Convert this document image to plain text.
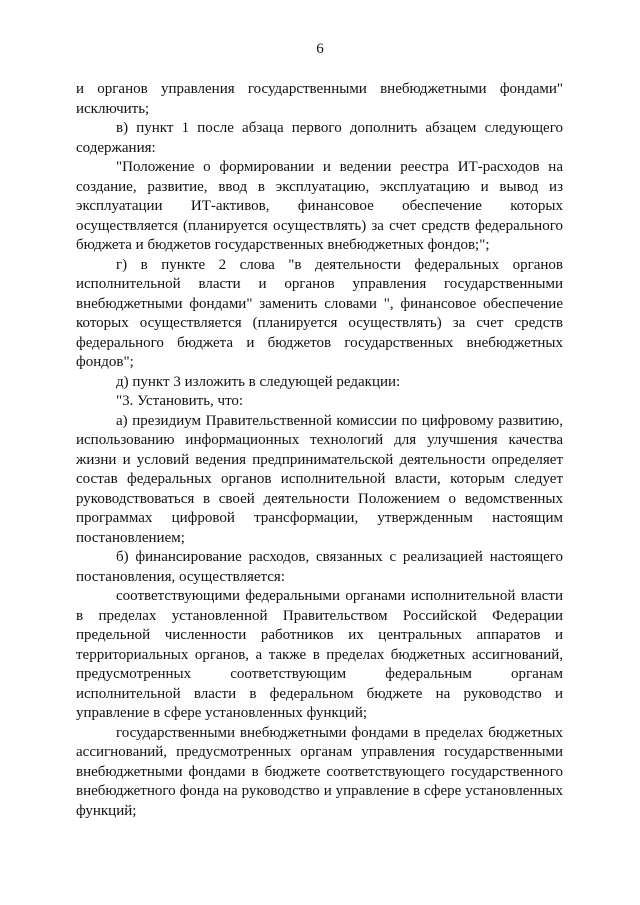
6

и органов управления государственными внебюджетными фондами" исключить;

в) пункт 1 после абзаца первого дополнить абзацем следующего содержания:

"Положение о формировании и ведении реестра ИТ-расходов на создание, развитие, ввод в эксплуатацию, эксплуатацию и вывод из эксплуатации ИТ-активов, финансовое обеспечение которых осуществляется (планируется осуществлять) за счет средств федерального бюджета и бюджетов государственных внебюджетных фондов;";

г) в пункте 2 слова "в деятельности федеральных органов исполнительной власти и органов управления государственными внебюджетными фондами" заменить словами ", финансовое обеспечение которых осуществляется (планируется осуществлять) за счет средств федерального бюджета и бюджетов государственных внебюджетных фондов";

д) пункт 3 изложить в следующей редакции:

"3. Установить, что:

а) президиум Правительственной комиссии по цифровому развитию, использованию информационных технологий для улучшения качества жизни и условий ведения предпринимательской деятельности определяет состав федеральных органов исполнительной власти, которым следует руководствоваться в своей деятельности Положением о ведомственных программах цифровой трансформации, утвержденным настоящим постановлением;

б) финансирование расходов, связанных с реализацией настоящего постановления, осуществляется:

соответствующими федеральными органами исполнительной власти в пределах установленной Правительством Российской Федерации предельной численности работников их центральных аппаратов и территориальных органов, а также в пределах бюджетных ассигнований, предусмотренных соответствующим федеральным органам исполнительной власти в федеральном бюджете на руководство и управление в сфере установленных функций;

государственными внебюджетными фондами в пределах бюджетных ассигнований, предусмотренных органам управления государственными внебюджетными фондами в бюджете соответствующего государственного внебюджетного фонда на руководство и управление в сфере установленных функций;
